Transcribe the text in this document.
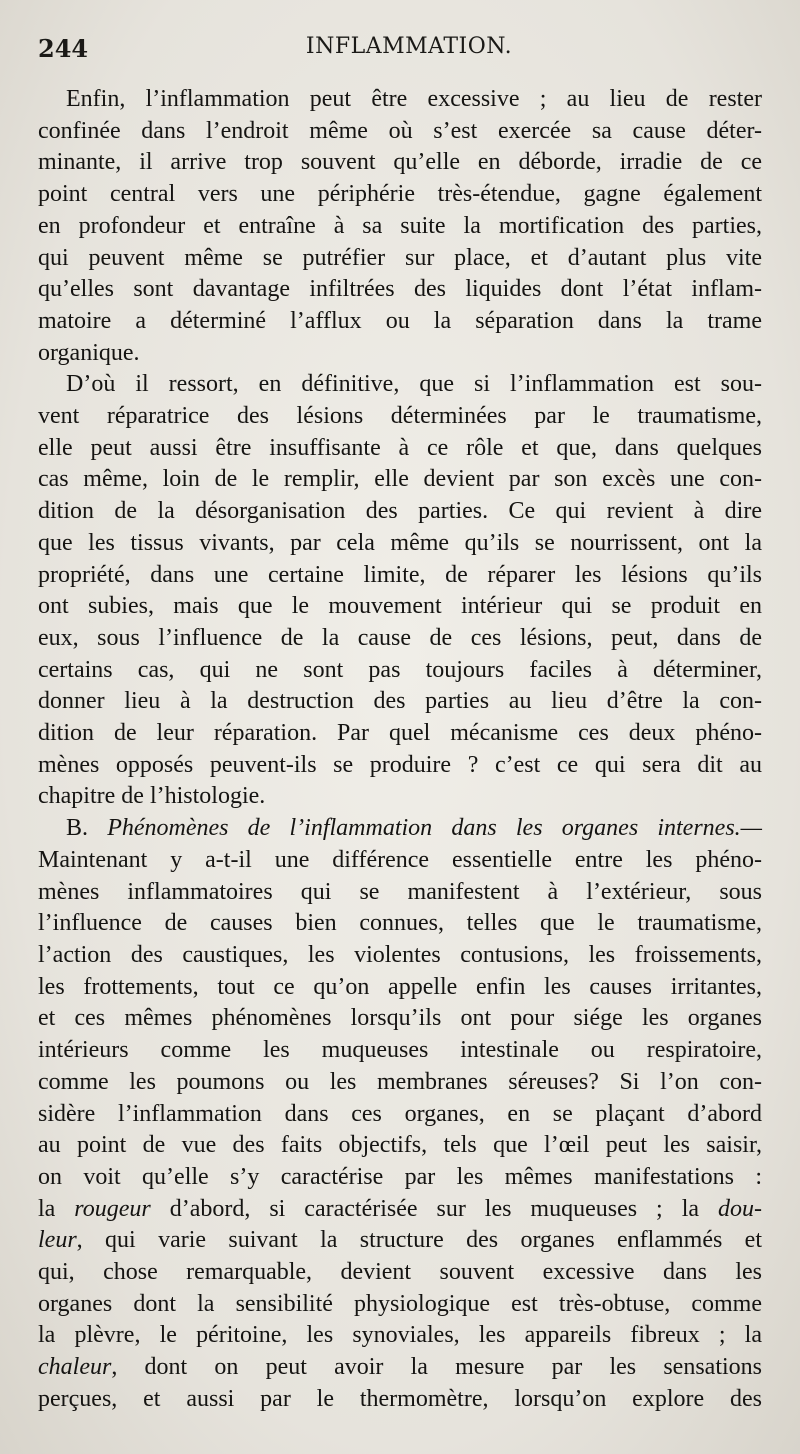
244	INFLAMMATION.

Enfin, l’inflammation peut être excessive ; au lieu de rester
confinée dans l’endroit même où s’est exercée sa cause déter-
minante, il arrive trop souvent qu’elle en déborde, irradie de ce
point central vers une périphérie très-étendue, gagne également
en profondeur et entraîne à sa suite la mortification des parties,
qui peuvent même se putréfier sur place, et d’autant plus vite
qu’elles sont davantage infiltrées des liquides dont l’état inflam-
matoire a déterminé l’afflux ou la séparation dans la trame
organique.

D’où il ressort, en définitive, que si l’inflammation est sou-
vent réparatrice des lésions déterminées par le traumatisme,
elle peut aussi être insuffisante à ce rôle et que, dans quelques
cas même, loin de le remplir, elle devient par son excès une con-
dition de la désorganisation des parties. Ce qui revient à dire
que les tissus vivants, par cela même qu’ils se nourrissent, ont la
propriété, dans une certaine limite, de réparer les lésions qu’ils
ont subies, mais que le mouvement intérieur qui se produit en
eux, sous l’influence de la cause de ces lésions, peut, dans de
certains cas, qui ne sont pas toujours faciles à déterminer,
donner lieu à la destruction des parties au lieu d’être la con-
dition de leur réparation. Par quel mécanisme ces deux phéno-
mènes opposés peuvent-ils se produire ? c’est ce qui sera dit au
chapitre de l’histologie.

B. Phénomènes de l’inflammation dans les organes internes.—
Maintenant y a-t-il une différence essentielle entre les phéno-
mènes inflammatoires qui se manifestent à l’extérieur, sous
l’influence de causes bien connues, telles que le traumatisme,
l’action des caustiques, les violentes contusions, les froissements,
les frottements, tout ce qu’on appelle enfin les causes irritantes,
et ces mêmes phénomènes lorsqu’ils ont pour siége les organes
intérieurs comme les muqueuses intestinale ou respiratoire,
comme les poumons ou les membranes séreuses? Si l’on con-
sidère l’inflammation dans ces organes, en se plaçant d’abord
au point de vue des faits objectifs, tels que l’œil peut les saisir,
on voit qu’elle s’y caractérise par les mêmes manifestations :
la rougeur d’abord, si caractérisée sur les muqueuses ; la dou-
leur, qui varie suivant la structure des organes enflammés et
qui, chose remarquable, devient souvent excessive dans les
organes dont la sensibilité physiologique est très-obtuse, comme
la plèvre, le péritoine, les synoviales, les appareils fibreux ; la
chaleur, dont on peut avoir la mesure par les sensations
perçues, et aussi par le thermomètre, lorsqu’on explore des
